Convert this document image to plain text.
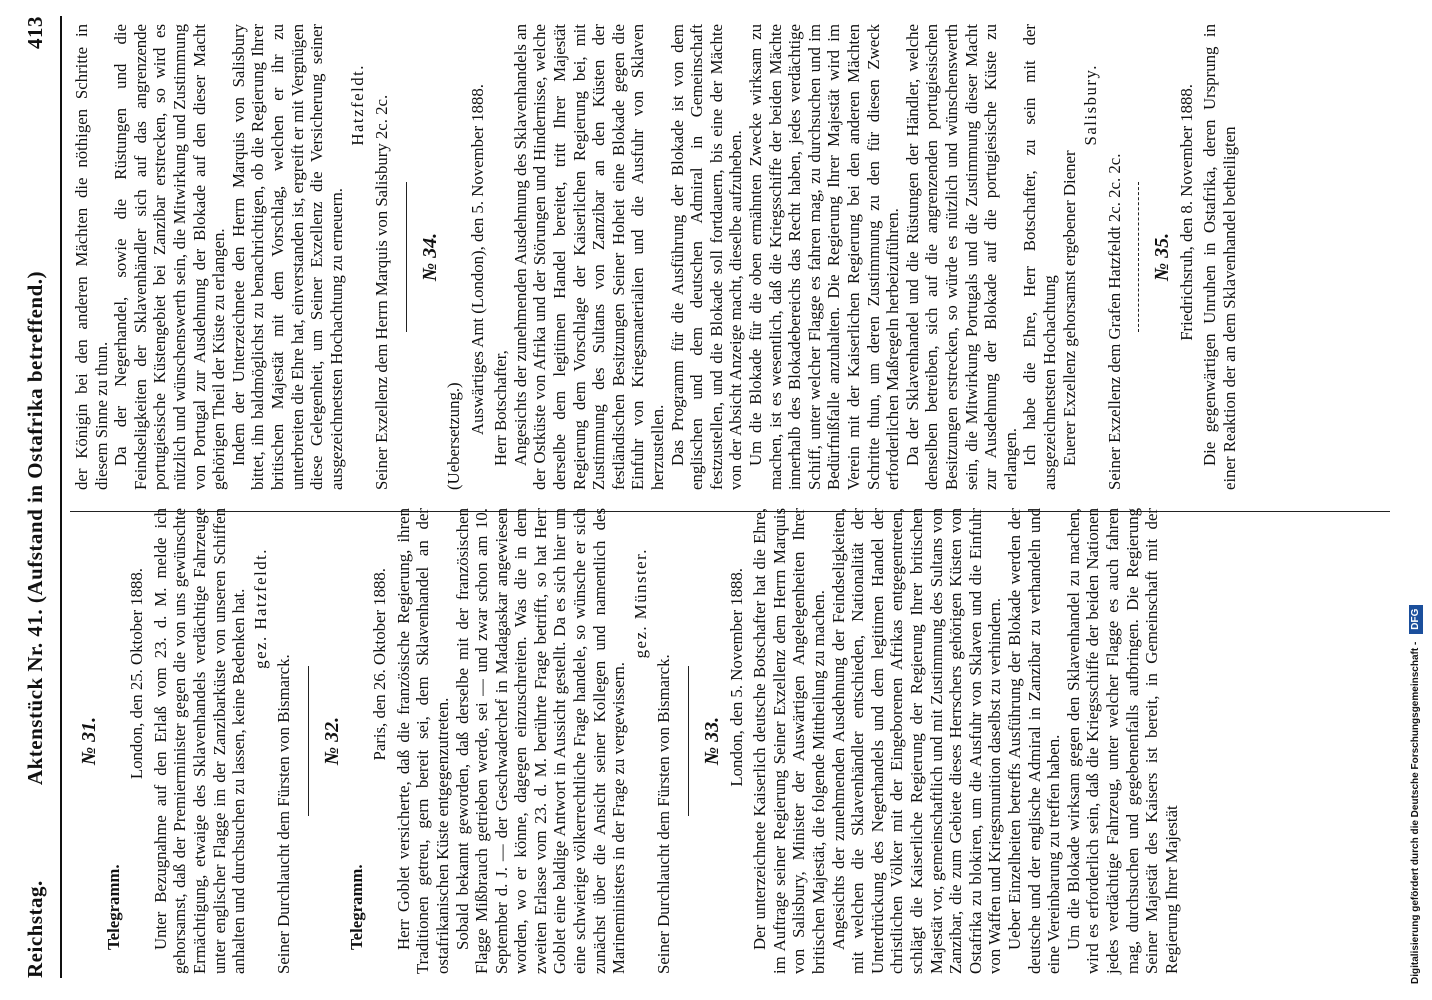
Reichstag.
Aktenstück Nr. 41. (Aufstand in Ostafrika betreffend.)
413
№ 31.

Telegramm.

London, den 25. Oktober 1888. Unter Bezugnahme auf den Erlaß vom 23. d. M. melde ich gehorsamst, daß der Premierminister gegen die von uns gewünschte Ermächtigung, etwaige des Sklavenhandels verdächtige Fahrzeuge unter englischer Flagge im der Zanzibarküste von unseren Schiffen anhalten und durchsuchen zu lassen, keine Bedenken hat. gez. Hatzfeldt.

Seiner Durchlaucht dem Fürsten von Bismarck. № 32.

Telegramm.

Paris, den 26. Oktober 1888. Herr Goblet versicherte, daß die französische Regierung, ihren Traditionen getreu, gern bereit sei, dem Sklavenhandel an der ostafrikanischen Küste entgegenzutreten. Sobald bekannt geworden, daß derselbe mit der französischen Flagge Mißbrauch getrieben werde, sei — und zwar schon am 10. September d. J. — der Geschwaderchef in Madagaskar angewiesen worden, wo er könne, dagegen einzuschreiten. Was die in dem zweiten Erlasse vom 23. d. M. berührte Frage betrifft, so hat Herr Goblet eine baldige Antwort in Aussicht gestellt. Da es sich hier um eine schwierige völkerrechtliche Frage handele, so wünsche er sich zunächst über die Ansicht seiner Kollegen und namentlich des Marineministers in der Frage zu vergewissern.

gez. Münster.

Seiner Durchlaucht dem Fürsten von Bismarck. № 33. London, den 5. November 1888. Der unterzeichnete Kaiserlich deutsche Botschafter hat die Ehre, im Auftrage seiner Regierung Seiner Exzellenz dem Herrn Marquis von Salisbury, Minister der Auswärtigen Angelegenheiten Ihrer britischen Majestät, die folgende Mittheilung zu machen. Angesichts der zunehmenden Ausdehnung der Feindseligkeiten, mit welchen die Sklavenhändler entschieden, Nationalität der Unterdrückung des Negerhandels und dem legitimen Handel der christlichen Völker mit der Eingeborenen Afrikas entgegentreten, schlägt die Kaiserliche Regierung der Regierung Ihrer britischen Majestät vor, gemeinschaftlich und mit Zustimmung des Sultans von Zanzibar, die zum Gebiete dieses Herrschers gehörigen Küsten von Ostafrika zu blokiren, um die Ausfuhr von Sklaven und die Einfuhr von Waffen und Kriegsmunition daselbst zu verhindern. Ueber Einzelheiten betreffs Ausführung der Blokade werden der deutsche und der englische Admiral in Zanzibar zu verhandeln und eine Vereinbarung zu treffen haben. Um die Blokade wirksam gegen den Sklavenhandel zu machen, wird es erforderlich sein, daß die Kriegsschiffe der beiden Nationen jedes verdächtige Fahrzeug, unter welcher Flagge es auch fahren mag, durchsuchen und gegebenenfalls aufbringen. Die Regierung Seiner Majestät des Kaisers ist bereit, in Gemeinschaft mit der Regierung Ihrer Majestät

der Königin bei den anderen Mächten die nöthigen Schritte in diesem Sinne zu thun. Da der Negerhandel, sowie die Rüstungen und die Feindseligkeiten der Sklavenhändler sich auf das angrenzende portugiesische Küstengebiet bei Zanzibar erstrecken, so wird es nützlich und wünschenswerth sein, die Mitwirkung und Zustimmung von Portugal zur Ausdehnung der Blokade auf den dieser Macht gehörigen Theil der Küste zu erlangen. Indem der Unterzeichnete den Herrn Marquis von Salisbury bittet, ihn baldmöglichst zu benachrichtigen, ob die Regierung Ihrer britischen Majestät mit dem Vorschlag, welchen er ihr zu unterbreiten die Ehre hat, einverstanden ist, ergreift er mit Vergnügen diese Gelegenheit, um Seiner Exzellenz die Versicherung seiner ausgezeichnetsten Hochachtung zu erneuern.

Hatzfeldt. Seiner Exzellenz dem Herrn Marquis von Salisbury 2c. 2c. № 34.

(Uebersetzung.)

Auswärtiges Amt (London), den 5. November 1888. Herr Botschafter, Angesichts der zunehmenden Ausdehnung des Sklavenhandels an der Ostküste von Afrika und der Störungen und Hindernisse, welche derselbe dem legitimen Handel bereitet, tritt Ihrer Majestät Regierung dem Vorschlage der Kaiserlichen Regierung bei, mit Zustimmung des Sultans von Zanzibar an den Küsten der festländischen Besitzungen Seiner Hoheit eine Blokade gegen die Einfuhr von Kriegsmaterialien und die Ausfuhr von Sklaven herzustellen. Das Programm für die Ausführung der Blokade ist von dem englischen und dem deutschen Admiral in Gemeinschaft festzustellen, und die Blokade soll fortdauern, bis eine der Mächte von der Absicht Anzeige macht, dieselbe aufzuheben. Um die Blokade für die oben ermähnten Zwecke wirksam zu machen, ist es wesentlich, daß die Kriegsschiffe der beiden Mächte innerhalb des Blokadebereichs das Recht haben, jedes verdächtige Schiff, unter welcher Flagge es fahren mag, zu durchsuchen und im Bedürfnißfalle anzuhalten. Die Regierung Ihrer Majestät wird im Verein mit der Kaiserlichen Regierung bei den anderen Mächten Schritte thun, um deren Zustimmung zu den für diesen Zweck erforderlichen Maßregeln herbeizuführen. Da der Sklavenhandel und die Rüstungen der Händler, welche denselben betreiben, sich auf die angrenzenden portugiesischen Besitzungen erstrecken, so würde es nützlich und wünschenswerth sein, die Mitwirkung Portugals und die Zustimmung dieser Macht zur Ausdehnung der Blokade auf die portugiesische Küste zu erlangen. Ich habe die Ehre, Herr Botschafter, zu sein mit der ausgezeichnetsten Hochachtung Euerer Exzellenz gehorsamst ergebener Diener

Salisbury.

Seiner Exzellenz dem Grafen Hatzfeldt 2c. 2c. 2c. № 35. Friedrichsruh, den 8. November 1888. Die gegenwärtigen Unruhen in Ostafrika, deren Ursprung in einer Reaktion der an dem Sklavenhandel betheiligten

Digitalisierung gefördert durch die Deutsche Forschungsgemeinschaft -DFG
